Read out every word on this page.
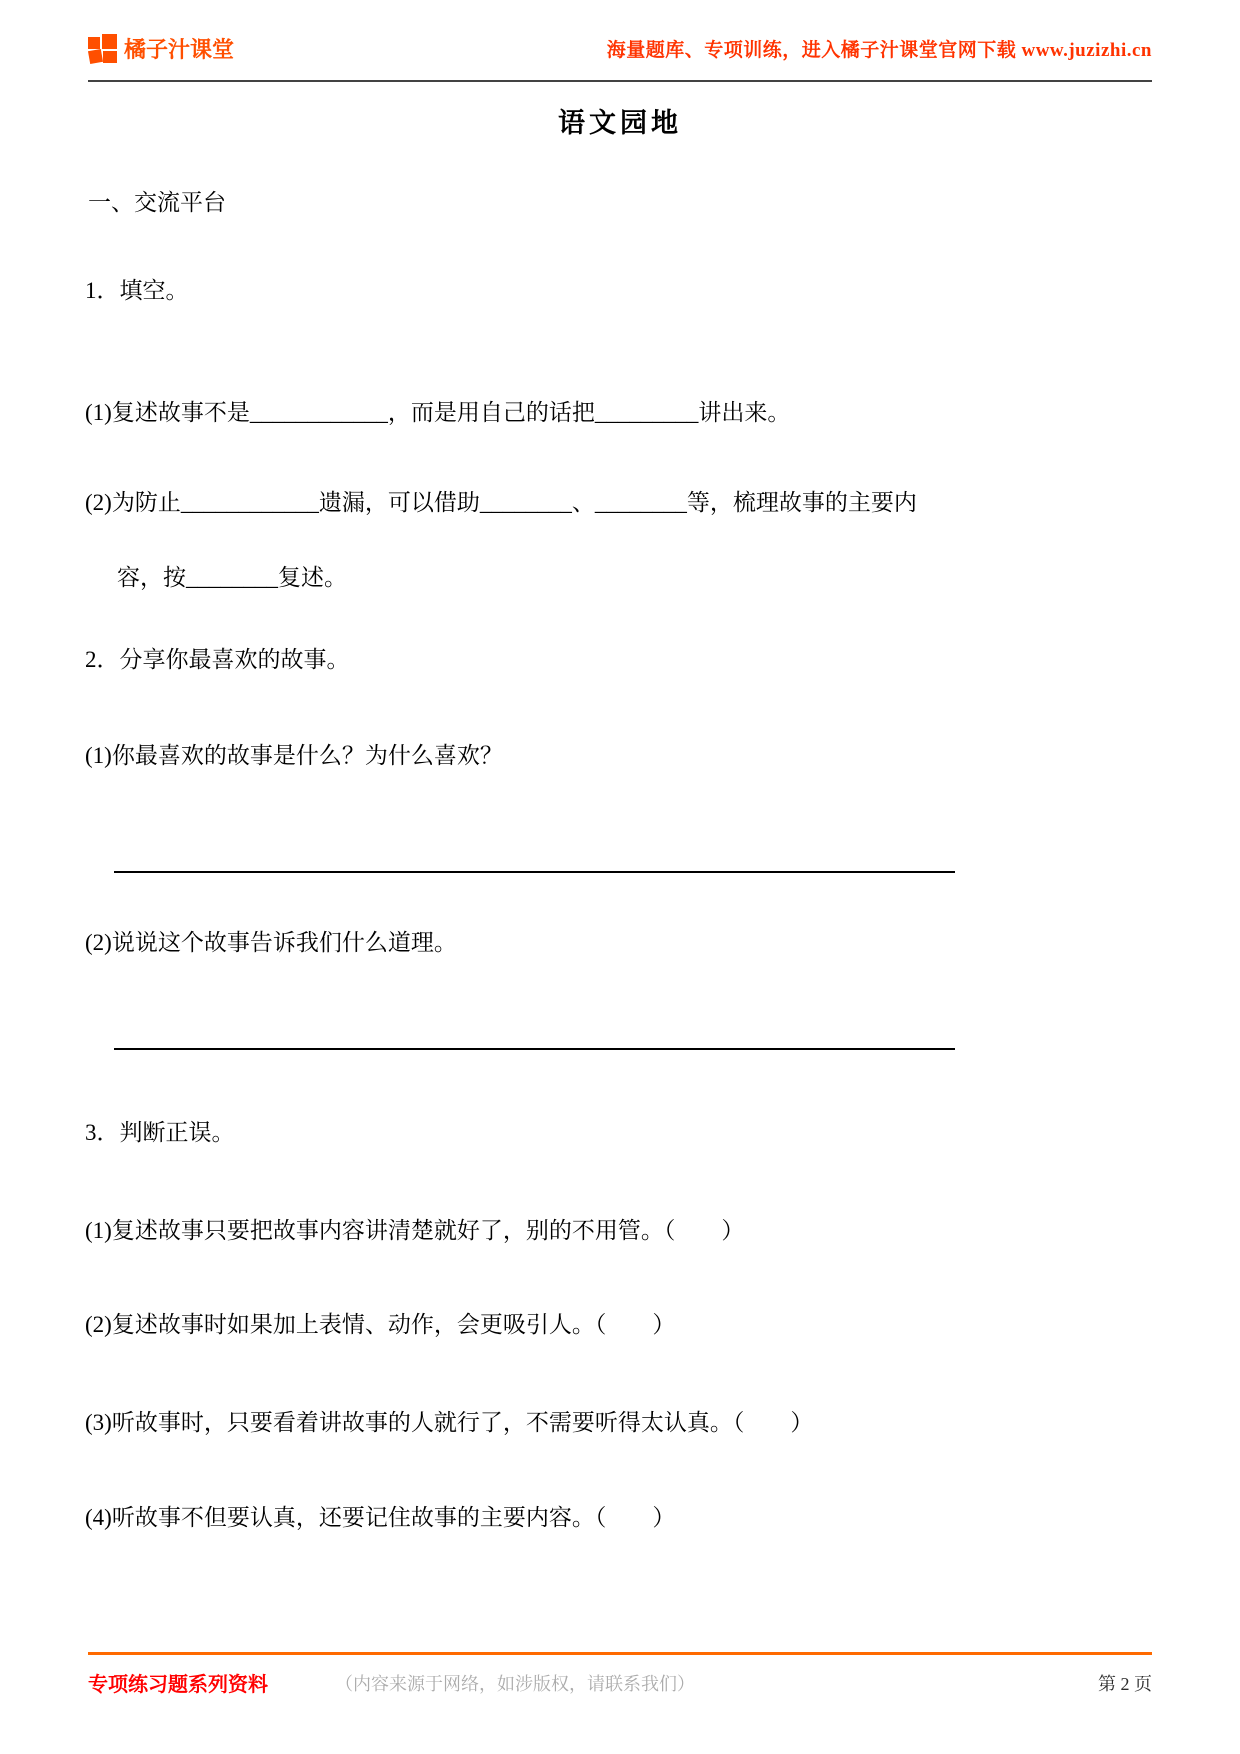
橘子汁课堂	海量题库、专项训练，进入橘子汁课堂官网下载 www.juzizhi.cn
语文园地
一、交流平台
1．填空。
(1)复述故事不是____________，而是用自己的话把_________讲出来。
(2)为防止____________遗漏，可以借助________、________等，梳理故事的主要内
容，按________复述。
2．分享你最喜欢的故事。
(1)你最喜欢的故事是什么？为什么喜欢？
(2)说说这个故事告诉我们什么道理。
3．判断正误。
(1)复述故事只要把故事内容讲清楚就好了，别的不用管。（　　）
(2)复述故事时如果加上表情、动作，会更吸引人。（　　）
(3)听故事时，只要看着讲故事的人就行了，不需要听得太认真。（　　）
(4)听故事不但要认真，还要记住故事的主要内容。（　　）
专项练习题系列资料	（内容来源于网络，如涉版权，请联系我们）	第 2 页
